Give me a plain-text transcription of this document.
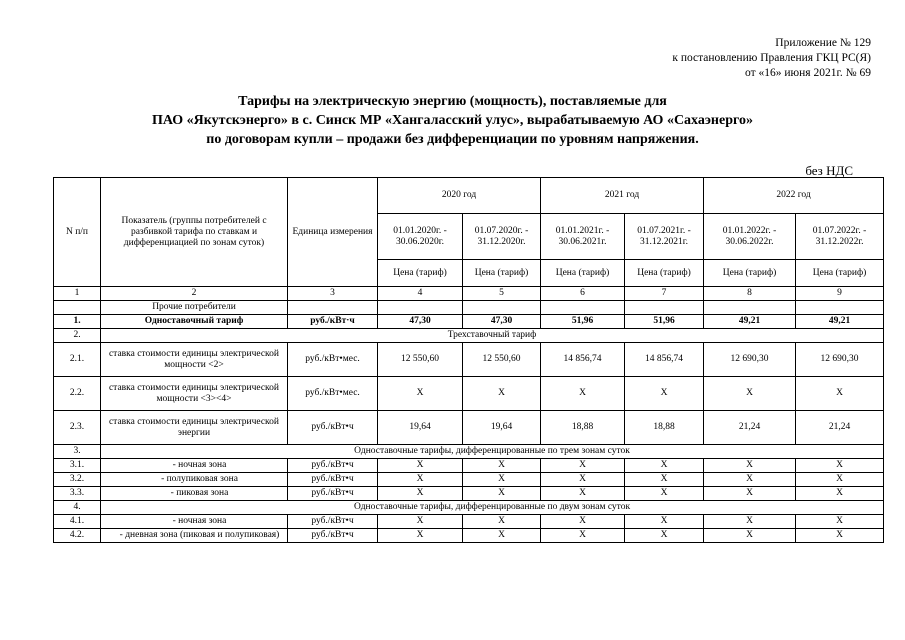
Приложение № 129
к постановлению Правления ГКЦ РС(Я)
от «16» июня 2021г. № 69
Тарифы на электрическую энергию (мощность), поставляемые для
ПАО «Якутскэнерго» в с. Синск МР «Хангаласский улус», вырабатываемую АО «Сахаэнерго»
по договорам купли – продажи без дифференциации по уровням напряжения.
без НДС
N п/п	Показатель (группы потребителей с разбивкой тарифа по ставкам и дифференциацией по зонам суток)	Единица измерения	2020 год		2021 год		2022 год	
			01.01.2020г. - 30.06.2020г.	01.07.2020г. - 31.12.2020г.	01.01.2021г. - 30.06.2021г.	01.07.2021г. - 31.12.2021г.	01.01.2022г. - 30.06.2022г.	01.07.2022г. - 31.12.2022г.
			Цена (тариф)	Цена (тариф)	Цена (тариф)	Цена (тариф)	Цена (тариф)	Цена (тариф)
1	2	3	4	5	6	7	8	9
	Прочие потребители							
1.	Одноставочный тариф	руб./кВт·ч	47,30	47,30	51,96	51,96	49,21	49,21
2.	Трехставочный тариф							
2.1.	ставка стоимости единицы электрической мощности <2>	руб./кВт•мес.	12 550,60	12 550,60	14 856,74	14 856,74	12 690,30	12 690,30
2.2.	ставка стоимости единицы электрической мощности <3><4>	руб./кВт•мес.	X	X	X	X	X	X
2.3.	ставка стоимости единицы электрической энергии	руб./кВт•ч	19,64	19,64	18,88	18,88	21,24	21,24
3.	Одноставочные тарифы, дифференцированные по трем зонам суток							
3.1.	- ночная зона	руб./кВт•ч	X	X	X	X	X	X
3.2.	- полупиковая зона	руб./кВт•ч	X	X	X	X	X	X
3.3.	- пиковая зона	руб./кВт•ч	X	X	X	X	X	X
4.	Одноставочные тарифы, дифференцированные по двум зонам суток							
4.1.	- ночная зона	руб./кВт•ч	X	X	X	X	X	X
4.2.	- дневная зона (пиковая и полупиковая)	руб./кВт•ч	X	X	X	X	X	X
